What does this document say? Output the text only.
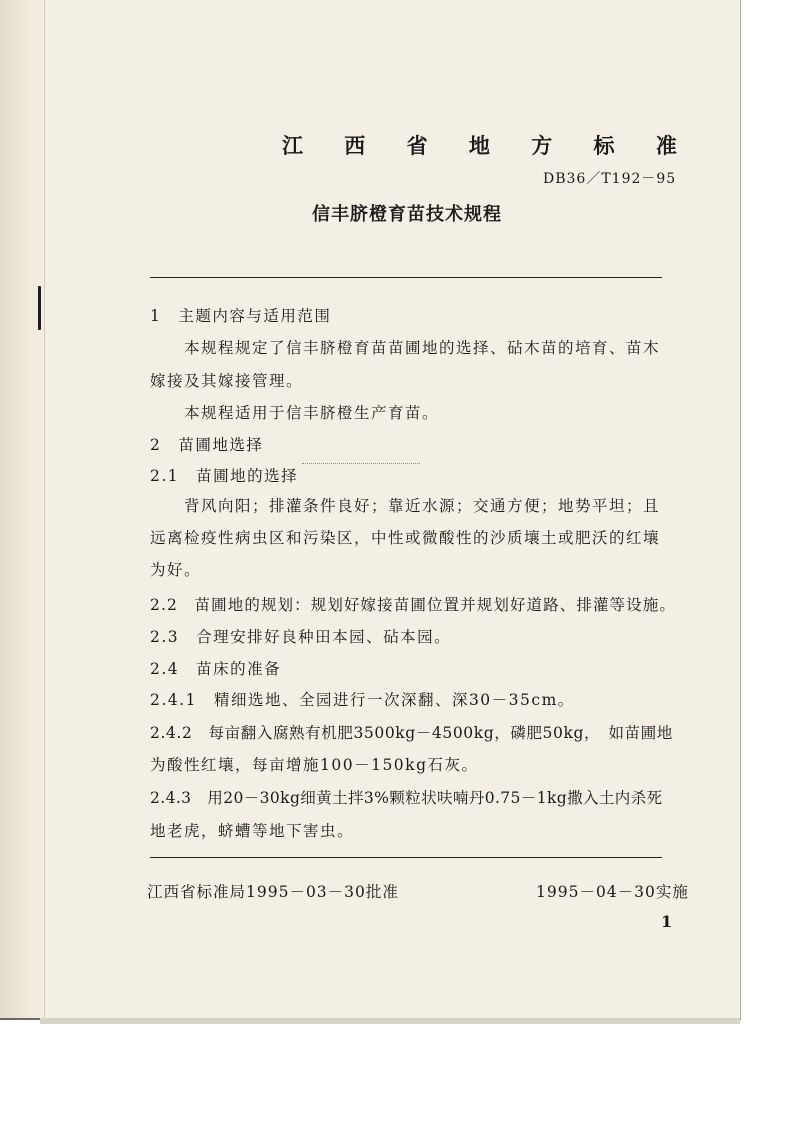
江 西 省 地 方 标 准
DB36／T192－95
信丰脐橙育苗技术规程
1　主题内容与适用范围
本规程规定了信丰脐橙育苗苗圃地的选择、砧木苗的培育、苗木
嫁接及其嫁接管理。
本规程适用于信丰脐橙生产育苗。
2　苗圃地选择
2.1　苗圃地的选择
背风向阳；排灌条件良好；靠近水源；交通方便；地势平坦；且
远离检疫性病虫区和污染区，中性或微酸性的沙质壤土或肥沃的红壤
为好。
2.2　苗圃地的规划：规划好嫁接苗圃位置并规划好道路、排灌等设施。
2.3　合理安排好良种田本园、砧本园。
2.4　苗床的准备
2.4.1　精细选地、全园进行一次深翻、深30－35cm。
2.4.2　每亩翻入腐熟有机肥3500kg－4500kg，磷肥50kg，　如苗圃地
为酸性红壤，每亩增施100－150kg石灰。
2.4.3　用20－30kg细黄土拌3%颗粒状呋喃丹0.75－1kg撒入土内杀死
地老虎，蛴螬等地下害虫。
江西省标准局1995－03－30批准	1995－04－30实施
1
